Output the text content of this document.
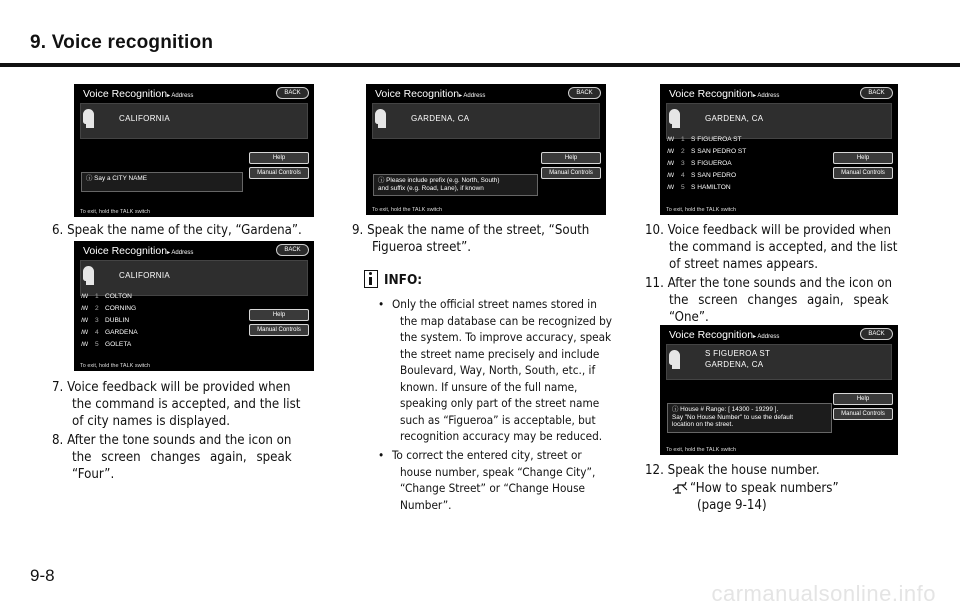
9. Voice recognition
Voice Recognition▸ Address	BACK
CALIFORNIA
Help
Manual Controls
ⓘ Say a CITY NAME
To exit, hold the TALK switch
6. Speak the name of the city, “Gardena”.
Voice Recognition▸ Address	BACK
CALIFORNIA
ꟿ 1 COLTON
ꟿ 2 CORNING
ꟿ 3 DUBLIN
ꟿ 4 GARDENA
ꟿ 5 GOLETA
Help
Manual Controls
To exit, hold the TALK switch
7. Voice feedback will be provided when
the command is accepted, and the list
of city names is displayed.
8. After the tone sounds and the icon on
the screen changes again, speak
“Four”.
Voice Recognition▸ Address	BACK
GARDENA, CA
Help
Manual Controls
ⓘ Please include prefix (e.g. North, South)
and suffix (e.g. Road, Lane), if known
To exit, hold the TALK switch
9. Speak the name of the street, “South
Figueroa street”.
INFO:
• Only the official street names stored in
the map database can be recognized by
the system. To improve accuracy, speak
the street name precisely and include
Boulevard, Way, North, South, etc., if
known. If unsure of the full name,
speaking only part of the street name
such as “Figueroa” is acceptable, but
recognition accuracy may be reduced.
• To correct the entered city, street or
house number, speak “Change City”,
“Change Street” or “Change House
Number”.
Voice Recognition▸ Address	BACK
GARDENA, CA
ꟿ 1 S FIGUEROA ST
ꟿ 2 S SAN PEDRO ST
ꟿ 3 S FIGUEROA
ꟿ 4 S SAN PEDRO
ꟿ 5 S HAMILTON
Help
Manual Controls
To exit, hold the TALK switch
10. Voice feedback will be provided when
the command is accepted, and the list
of street names appears.
11. After the tone sounds and the icon on
the screen changes again, speak
“One”.
Voice Recognition▸ Address	BACK
S FIGUEROA ST
GARDENA, CA
Help
Manual Controls
ⓘ House # Range: [ 14300 - 19299 ].
Say "No House Number" to use the default
location on the street.
To exit, hold the TALK switch
12. Speak the house number.
“How to speak numbers”
(page 9-14)
9-8
carmanualsonline.info
